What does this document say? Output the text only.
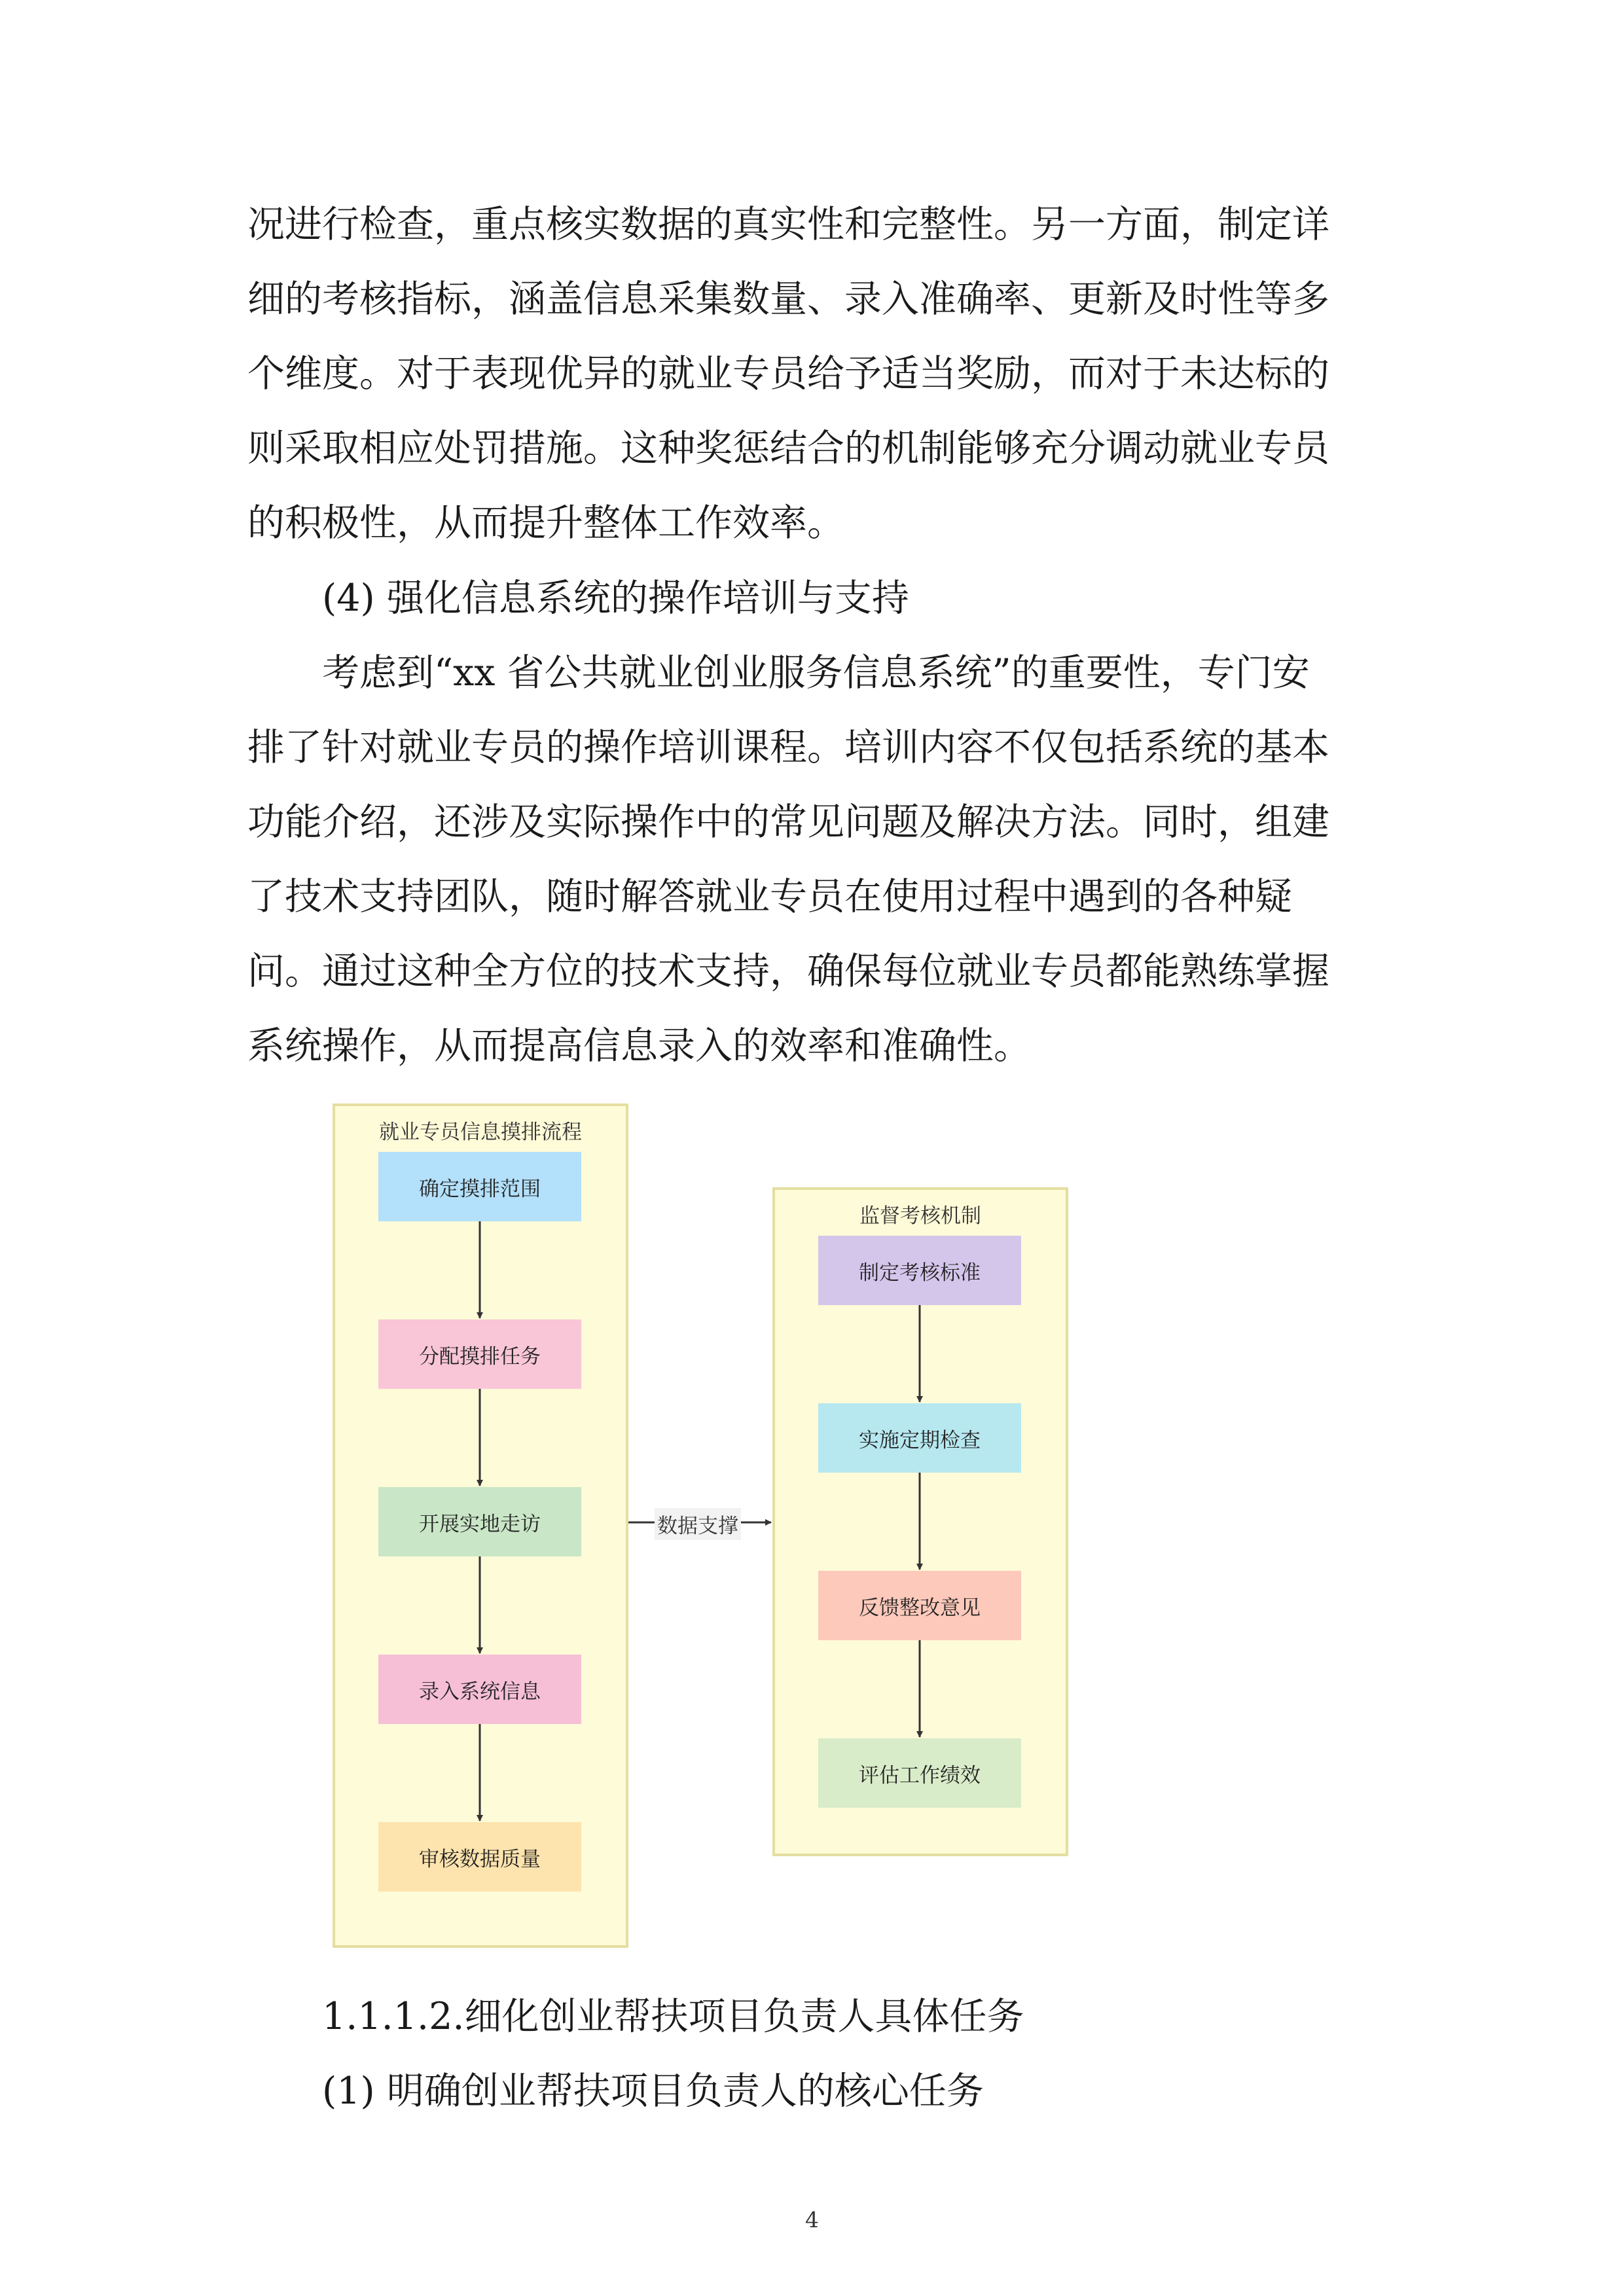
况进行检查，重点核实数据的真实性和完整性。另一方面，制定详
细的考核指标，涵盖信息采集数量、录入准确率、更新及时性等多
个维度。对于表现优异的就业专员给予适当奖励，而对于未达标的
则采取相应处罚措施。这种奖惩结合的机制能够充分调动就业专员
的积极性，从而提升整体工作效率。
(4) 强化信息系统的操作培训与支持
考虑到“xx 省公共就业创业服务信息系统”的重要性，专门安
排了针对就业专员的操作培训课程。培训内容不仅包括系统的基本
功能介绍，还涉及实际操作中的常见问题及解决方法。同时，组建
了技术支持团队，随时解答就业专员在使用过程中遇到的各种疑
问。通过这种全方位的技术支持，确保每位就业专员都能熟练掌握
系统操作，从而提高信息录入的效率和准确性。
就业专员信息摸排流程
监督考核机制
确定摸排范围
分配摸排任务
开展实地走访
录入系统信息
审核数据质量
制定考核标准
实施定期检查
反馈整改意见
评估工作绩效
数据支撑
1.1.1.2.细化创业帮扶项目负责人具体任务
(1) 明确创业帮扶项目负责人的核心任务
4
